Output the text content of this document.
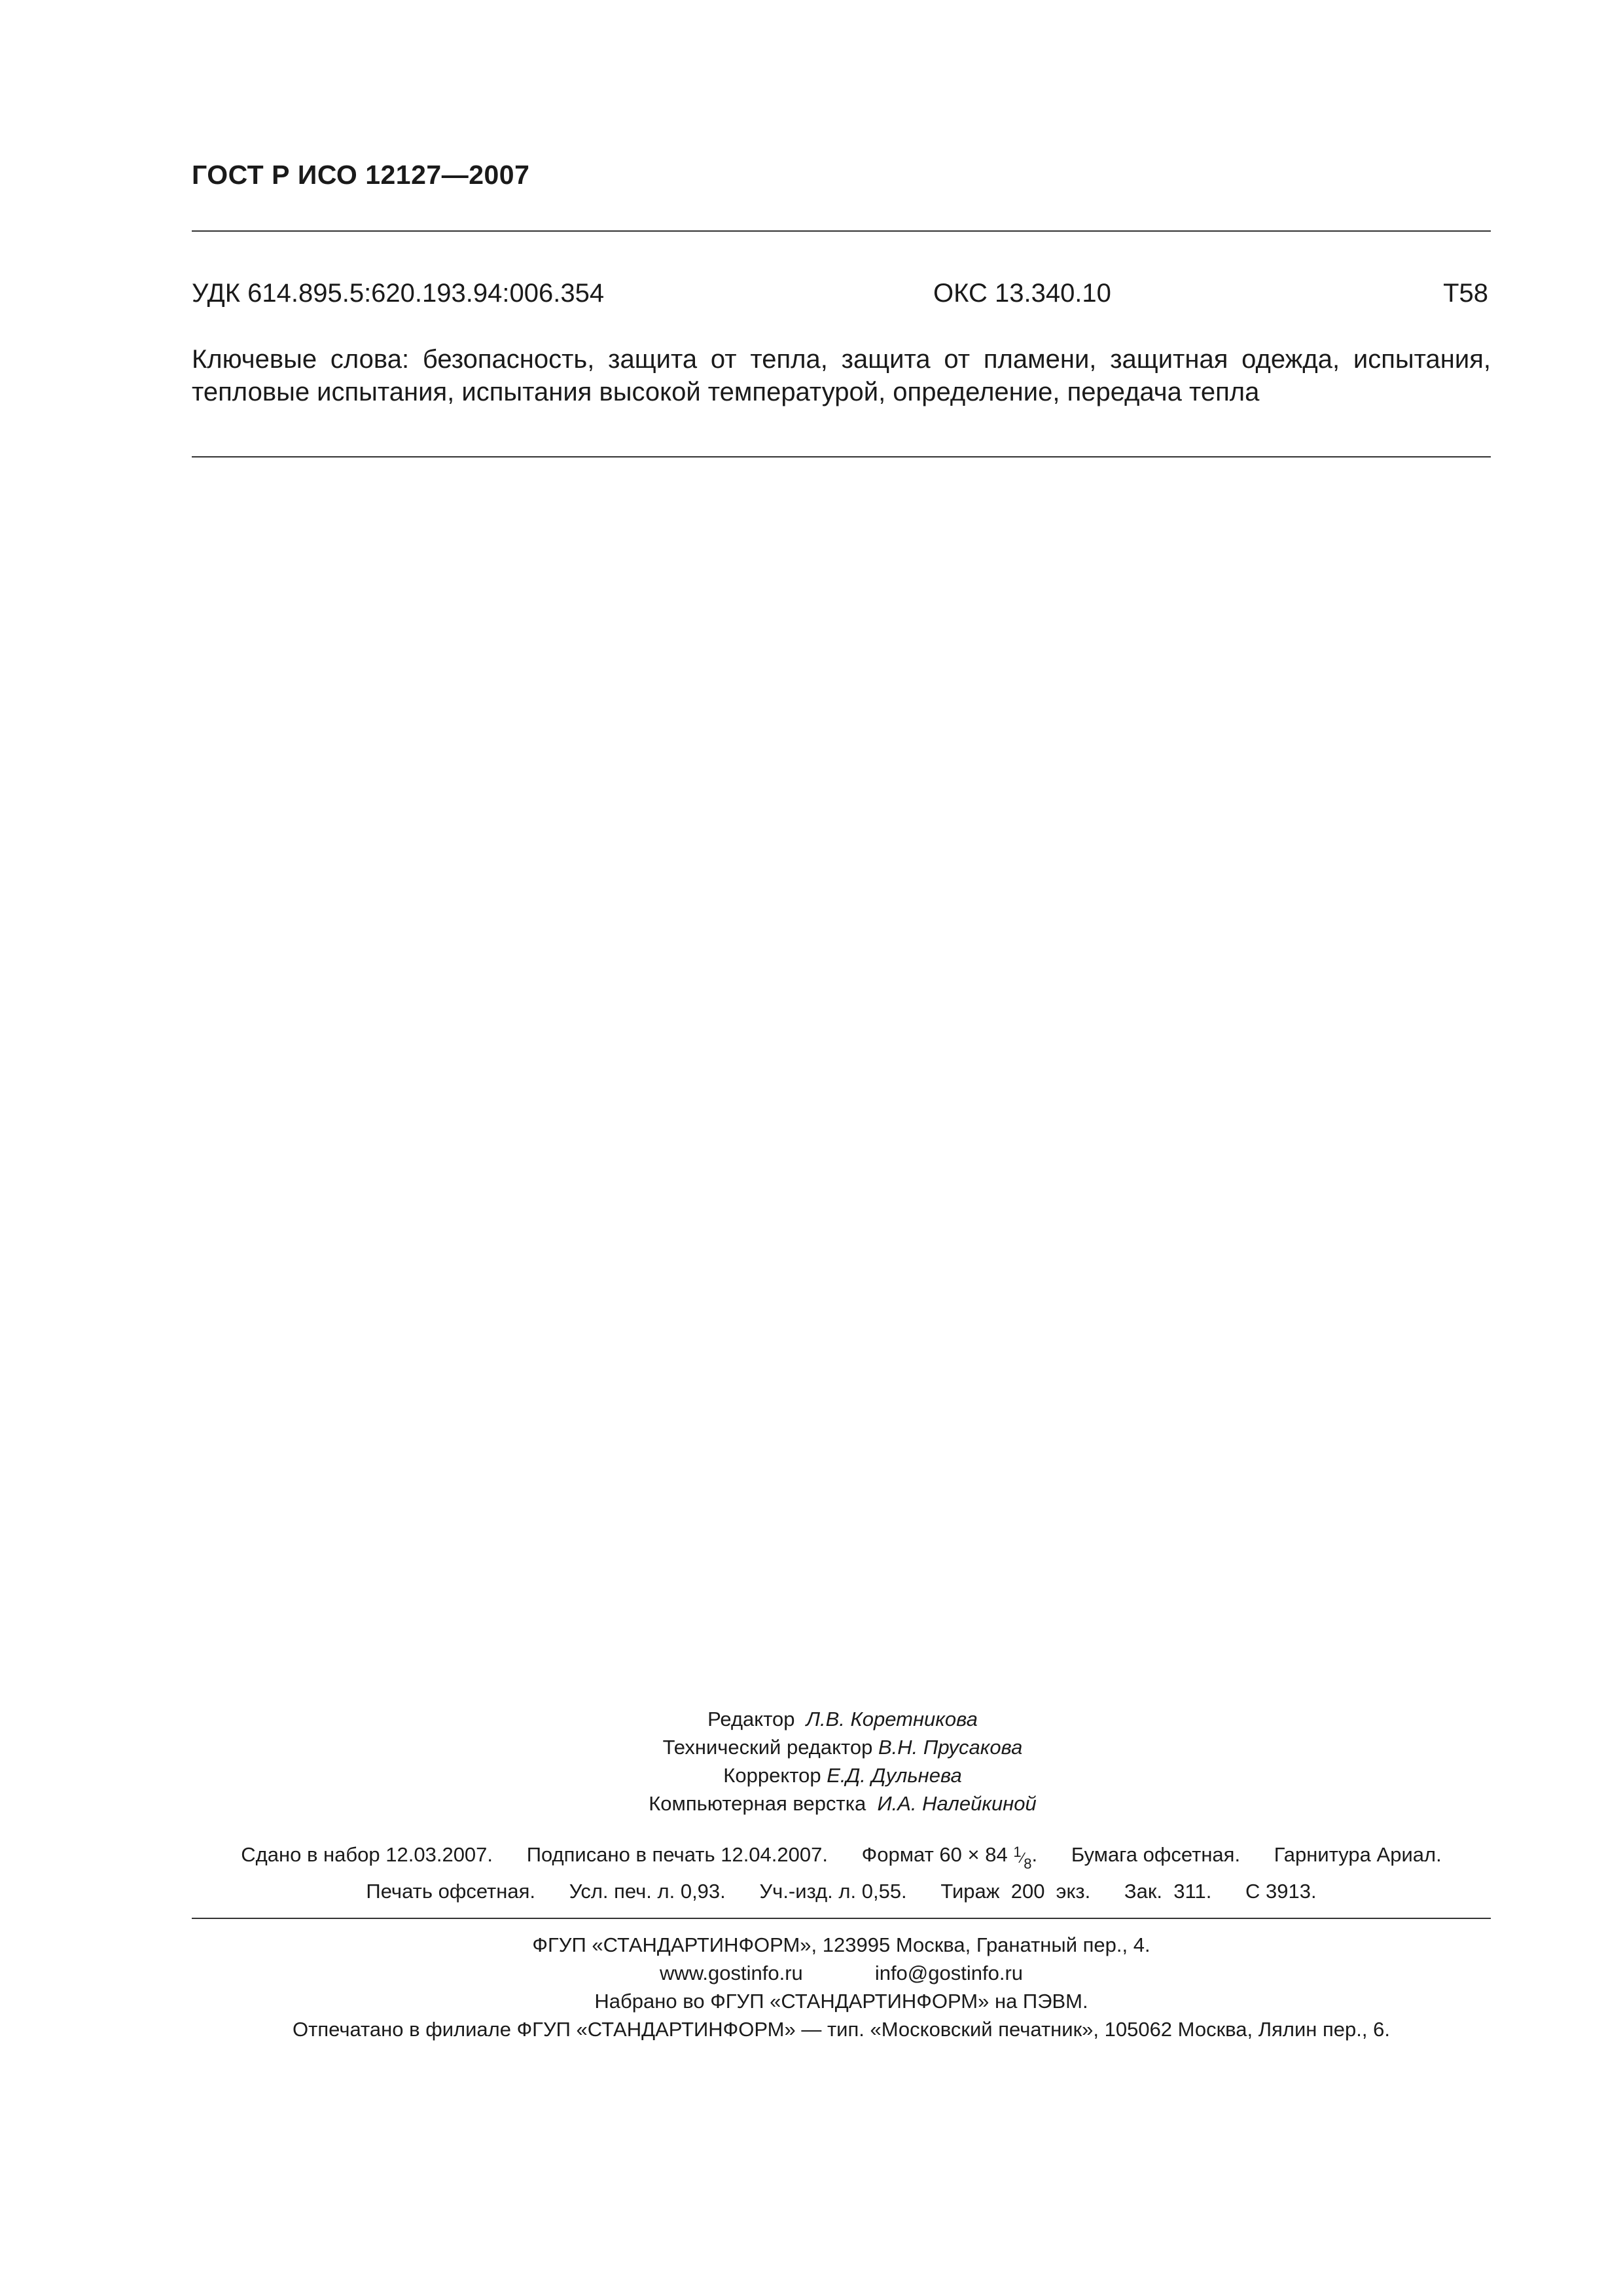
ГОСТ Р ИСО 12127—2007
УДК 614.895.5:620.193.94:006.354	ОКС 13.340.10	Т58
Ключевые слова: безопасность, защита от тепла, защита от пламени, защитная одежда, испытания,
тепловые испытания, испытания высокой температурой, определение, передача тепла
Редактор Л.В. Коретникова
Технический редактор В.Н. Прусакова
Корректор Е.Д. Дульнева
Компьютерная верстка И.А. Налейкиной
Сдано в набор 12.03.2007. Подписано в печать 12.04.2007. Формат 60 × 84 1⁄8.      Бумага офсетная. Гарнитура Ариал.
Печать офсетная. Усл. печ. л. 0,93. Уч.-изд. л. 0,55. Тираж  200  экз. Зак.  311. С 3913.
ФГУП «СТАНДАРТИНФОРМ», 123995 Москва, Гранатный пер., 4.
www.gostinfo.ru	info@gostinfo.ru
Набрано во ФГУП «СТАНДАРТИНФОРМ» на ПЭВМ.
Отпечатано в филиале ФГУП «СТАНДАРТИНФОРМ» — тип. «Московский печатник», 105062 Москва, Лялин пер., 6.
